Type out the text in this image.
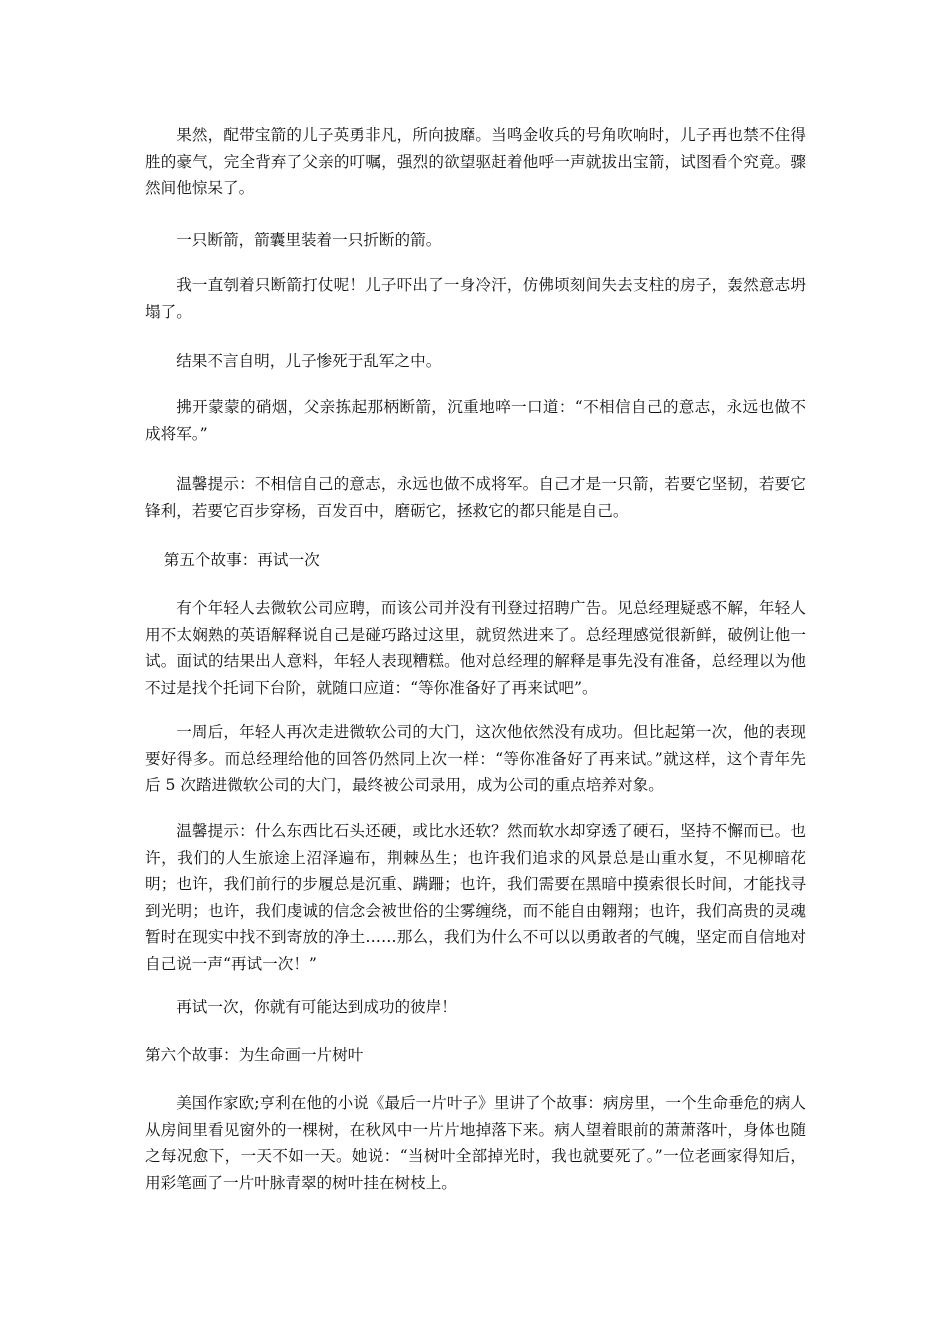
果然，配带宝箭的儿子英勇非凡，所向披靡。当鸣金收兵的号角吹响时，儿子再也禁不住得胜的豪气，完全背弃了父亲的叮嘱，强烈的欲望驱赶着他呼一声就拔出宝箭，试图看个究竟。骤然间他惊呆了。

一只断箭，箭囊里装着一只折断的箭。

我一直刳着只断箭打仗呢！儿子吓出了一身冷汗，仿佛顷刻间失去支柱的房子，轰然意志坍塌了。

结果不言自明，儿子惨死于乱军之中。

拂开蒙蒙的硝烟，父亲拣起那柄断箭，沉重地啐一口道：“不相信自己的意志，永远也做不成将军。”

温馨提示：不相信自己的意志，永远也做不成将军。自己才是一只箭，若要它坚韧，若要它锋利，若要它百步穿杨，百发百中，磨砺它，拯救它的都只能是自己。

第五个故事：再试一次

有个年轻人去微软公司应聘，而该公司并没有刊登过招聘广告。见总经理疑惑不解，年轻人用不太娴熟的英语解释说自己是碰巧路过这里，就贸然进来了。总经理感觉很新鲜，破例让他一试。面试的结果出人意料，年轻人表现糟糕。他对总经理的解释是事先没有准备，总经理以为他不过是找个托词下台阶，就随口应道：“等你准备好了再来试吧”。

一周后，年轻人再次走进微软公司的大门，这次他依然没有成功。但比起第一次，他的表现要好得多。而总经理给他的回答仍然同上次一样：“等你准备好了再来试。”就这样，这个青年先后 5 次踏进微软公司的大门，最终被公司录用，成为公司的重点培养对象。

温馨提示：什么东西比石头还硬，或比水还软？然而软水却穿透了硬石，坚持不懈而已。也许，我们的人生旅途上沼泽遍布，荆棘丛生；也许我们追求的风景总是山重水复，不见柳暗花明；也许，我们前行的步履总是沉重、蹒跚；也许，我们需要在黑暗中摸索很长时间，才能找寻到光明；也许，我们虔诚的信念会被世俗的尘雾缠绕，而不能自由翱翔；也许，我们高贵的灵魂暂时在现实中找不到寄放的净土……那么，我们为什么不可以以勇敢者的气魄，坚定而自信地对自己说一声“再试一次！”

再试一次，你就有可能达到成功的彼岸！

第六个故事：为生命画一片树叶

美国作家欧;亨利在他的小说《最后一片叶子》里讲了个故事：病房里，一个生命垂危的病人从房间里看见窗外的一棵树，在秋风中一片片地掉落下来。病人望着眼前的萧萧落叶，身体也随之每况愈下，一天不如一天。她说：“当树叶全部掉光时，我也就要死了。”一位老画家得知后，用彩笔画了一片叶脉青翠的树叶挂在树枝上。
